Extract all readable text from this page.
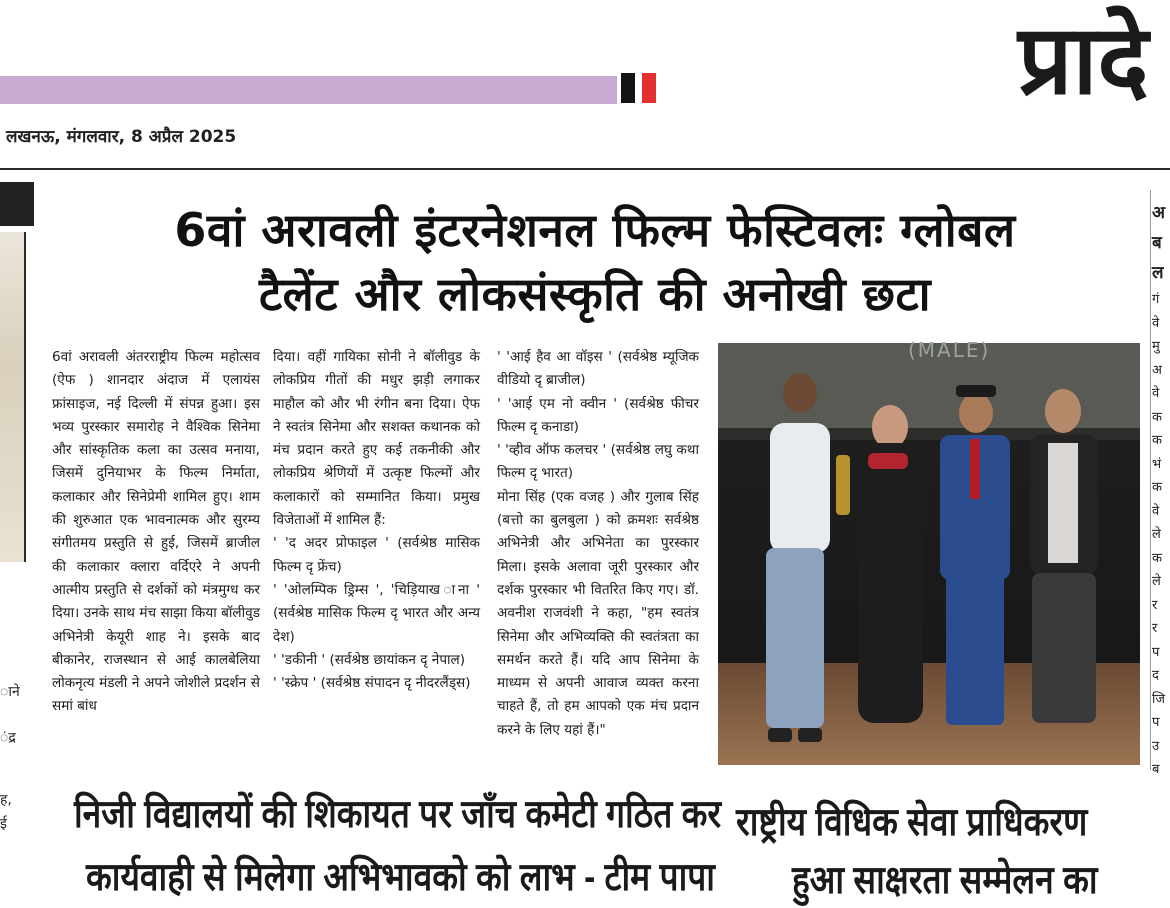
प्रादे
लखनऊ, मंगलवार, 8 अप्रैल 2025
ाने
ंद्र
ह,
ई
6वां अरावली इंटरनेशनल फिल्म फेस्टिवलः ग्लोबल
टैलेंट और लोकसंस्कृति की अनोखी छटा

6वां अरावली अंतरराष्ट्रीय फिल्म महोत्सव (ऐफ ) शानदार अंदाज में एलायंस फ्रांसाइज, नई दिल्ली में संपन्न हुआ। इस भव्य पुरस्कार समारोह ने वैश्विक सिनेमा और सांस्कृतिक कला का उत्सव मनाया, जिसमें दुनियाभर के फिल्म निर्माता, कलाकार और सिनेप्रेमी शामिल हुए। शाम की शुरुआत एक भावनात्मक और सुरम्य संगीतमय प्रस्तुति से हुई, जिसमें ब्राजील की कलाकार क्लारा वर्दिएरे ने अपनी आत्मीय प्रस्तुति से दर्शकों को मंत्रमुग्ध कर दिया। उनके साथ मंच साझा किया बॉलीवुड अभिनेत्री केयूरी शाह ने। इसके बाद बीकानेर, राजस्थान से आई कालबेलिया लोकनृत्य मंडली ने अपने जोशीले प्रदर्शन से समां बांध

दिया। वहीं गायिका सोनी ने बॉलीवुड के लोकप्रिय गीतों की मधुर झड़ी लगाकर माहौल को और भी रंगीन बना दिया। ऐफ ने स्वतंत्र सिनेमा और सशक्त कथानक को मंच प्रदान करते हुए कई तकनीकी और लोकप्रिय श्रेणियों में उत्कृष्ट फिल्मों और कलाकारों को सम्मानित किया। प्रमुख विजेताओं में शामिल हैं:

' 'द अदर प्रोफाइल ' (सर्वश्रेष्ठ मासिक फिल्म दृ फ्रेंच)

' 'ओलम्पिक ड्रिम्स ', 'चिड़ियाख ाना ' (सर्वश्रेष्ठ मासिक फिल्म दृ भारत और अन्य देश)

' 'डकीनी ' (सर्वश्रेष्ठ छायांकन दृ नेपाल)

' 'स्क्रेप ' (सर्वश्रेष्ठ संपादन दृ नीदरलैंड्स)

' 'आई हैव आ वॉइस ' (सर्वश्रेष्ठ म्यूजिक वीडियो दृ ब्राजील)

' 'आई एम नो क्वीन ' (सर्वश्रेष्ठ फीचर फिल्म दृ कनाडा)

' 'व्हीव ऑफ कलचर ' (सर्वश्रेष्ठ लघु कथा फिल्म दृ भारत)

मोना सिंह (एक वजह ) और गुलाब सिंह (बत्तो का बुलबुला ) को क्रमशः सर्वश्रेष्ठ अभिनेत्री और अभिनेता का पुरस्कार मिला। इसके अलावा जूरी पुरस्कार और दर्शक पुरस्कार भी वितरित किए गए। डॉ. अवनीश राजवंशी ने कहा, "हम स्वतंत्र सिनेमा और अभिव्यक्ति की स्वतंत्रता का समर्थन करते हैं। यदि आप सिनेमा के माध्यम से अपनी आवाज व्यक्त करना चाहते हैं, तो हम आपको एक मंच प्रदान करने के लिए यहां हैं।"

(MALE)
अ
ब
ल
गं
वे
मु
अ
वे
क
क
भं
क
वे
ले
क
ले
र
र
प
द
जि
प
उ
ब
निजी विद्यालयों की शिकायत पर जाँच कमेटी गठित कर
कार्यवाही से मिलेगा अभिभावको को लाभ - टीम पापा
राष्ट्रीय विधिक सेवा प्राधिकरण
हुआ साक्षरता सम्मेलन का
